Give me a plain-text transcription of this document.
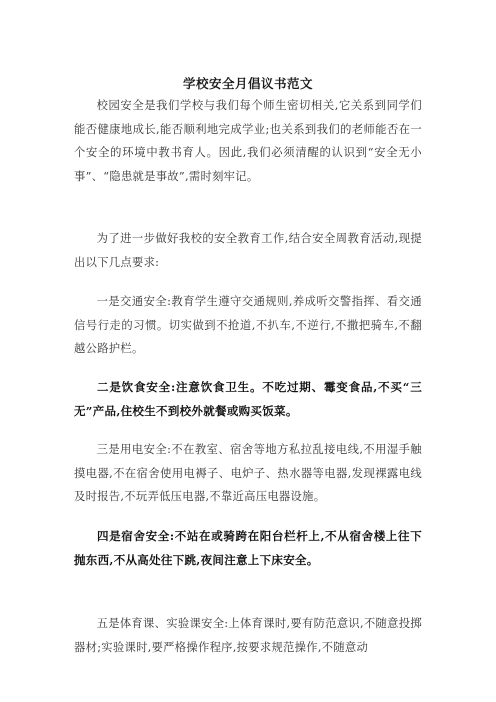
学校安全月倡议书范文

校园安全是我们学校与我们每个师生密切相关,它关系到同学们能否健康地成长,能否顺利地完成学业;也关系到我们的老师能否在一个安全的环境中教书育人。因此,我们必须清醒的认识到“安全无小事”、“隐患就是事故”,需时刻牢记。

为了进一步做好我校的安全教育工作,结合安全周教育活动,现提出以下几点要求:

一是交通安全:教育学生遵守交通规则,养成听交警指挥、看交通信号行走的习惯。切实做到不抢道,不扒车,不逆行,不撒把骑车,不翻越公路护栏。

二是饮食安全:注意饮食卫生。不吃过期、霉变食品,不买“三无”产品,住校生不到校外就餐或购买饭菜。

三是用电安全:不在教室、宿舍等地方私拉乱接电线,不用湿手触摸电器,不在宿舍使用电褥子、电炉子、热水器等电器,发现裸露电线及时报告,不玩弄低压电器,不靠近高压电器设施。

四是宿舍安全:不站在或骑跨在阳台栏杆上,不从宿舍楼上往下抛东西,不从高处往下跳,夜间注意上下床安全。

五是体育课、实验课安全:上体育课时,要有防范意识,不随意投掷器材;实验课时,要严格操作程序,按要求规范操作,不随意动
